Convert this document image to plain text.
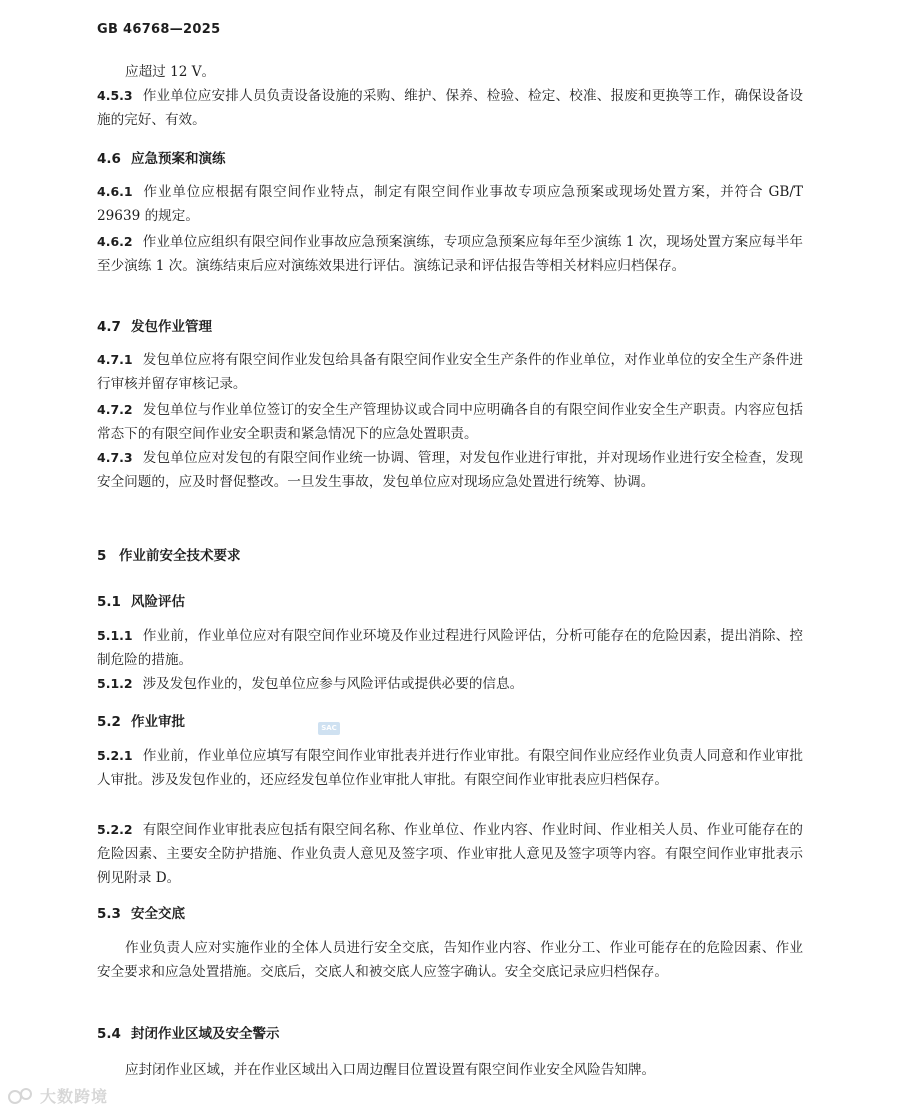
GB 46768—2025
应超过 12 V。
4.5.3 作业单位应安排人员负责设备设施的采购、维护、保养、检验、检定、校准、报废和更换等工作，确保设备设施的完好、有效。
4.6 应急预案和演练
4.6.1 作业单位应根据有限空间作业特点，制定有限空间作业事故专项应急预案或现场处置方案，并符合 GB/T 29639 的规定。
4.6.2 作业单位应组织有限空间作业事故应急预案演练，专项应急预案应每年至少演练 1 次，现场处置方案应每半年至少演练 1 次。演练结束后应对演练效果进行评估。演练记录和评估报告等相关材料应归档保存。
4.7 发包作业管理
4.7.1 发包单位应将有限空间作业发包给具备有限空间作业安全生产条件的作业单位，对作业单位的安全生产条件进行审核并留存审核记录。
4.7.2 发包单位与作业单位签订的安全生产管理协议或合同中应明确各自的有限空间作业安全生产职责。内容应包括常态下的有限空间作业安全职责和紧急情况下的应急处置职责。
4.7.3 发包单位应对发包的有限空间作业统一协调、管理，对发包作业进行审批，并对现场作业进行安全检查，发现安全问题的，应及时督促整改。一旦发生事故，发包单位应对现场应急处置进行统筹、协调。
5 作业前安全技术要求
5.1 风险评估
5.1.1 作业前，作业单位应对有限空间作业环境及作业过程进行风险评估，分析可能存在的危险因素，提出消除、控制危险的措施。
5.1.2 涉及发包作业的，发包单位应参与风险评估或提供必要的信息。
5.2 作业审批	SAC
5.2.1 作业前，作业单位应填写有限空间作业审批表并进行作业审批。有限空间作业应经作业负责人同意和作业审批人审批。涉及发包作业的，还应经发包单位作业审批人审批。有限空间作业审批表应归档保存。
5.2.2 有限空间作业审批表应包括有限空间名称、作业单位、作业内容、作业时间、作业相关人员、作业可能存在的危险因素、主要安全防护措施、作业负责人意见及签字项、作业审批人意见及签字项等内容。有限空间作业审批表示例见附录 D。
5.3 安全交底
作业负责人应对实施作业的全体人员进行安全交底，告知作业内容、作业分工、作业可能存在的危险因素、作业安全要求和应急处置措施。交底后，交底人和被交底人应签字确认。安全交底记录应归档保存。
5.4 封闭作业区域及安全警示
应封闭作业区域，并在作业区域出入口周边醒目位置设置有限空间作业安全风险告知牌。
大数跨境
